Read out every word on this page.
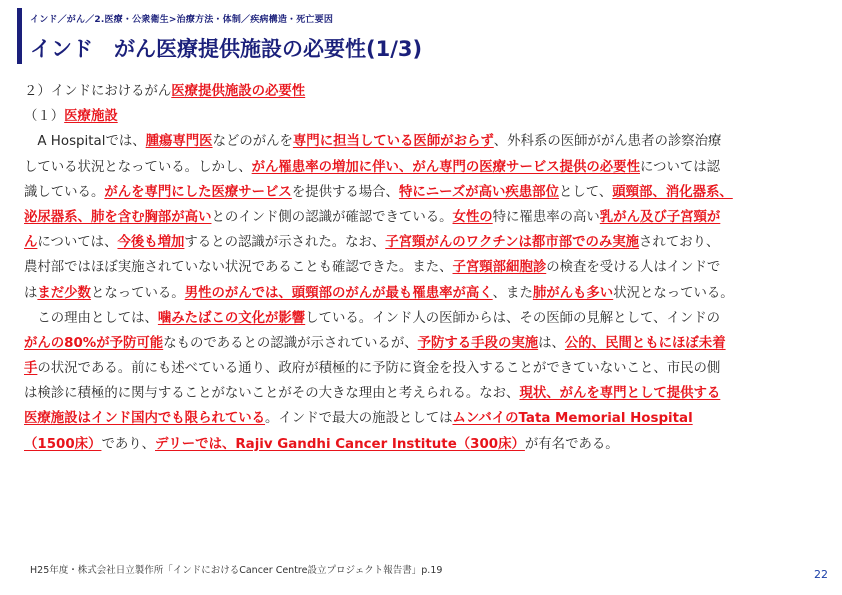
インド／がん／2.医療・公衆衛生>治療方法・体制／疾病構造・死亡要因
インド　がん医療提供施設の必要性(1/3)
２）インドにおけるがん医療提供施設の必要性
（１）医療施設
　A Hospitalでは、腫瘍専門医などのがんを専門に担当している医師がおらず、外科系の医師ががん患者の診察治療
している状況となっている。しかし、がん罹患率の増加に伴い、がん専門の医療サービス提供の必要性については認
識している。がんを専門にした医療サービスを提供する場合、特にニーズが高い疾患部位として、頭頸部、消化器系、
泌尿器系、肺を含む胸部が高いとのインド側の認識が確認できている。女性の特に罹患率の高い乳がん及び子宮頸が
んについては、今後も増加するとの認識が示された。なお、子宮頸がんのワクチンは都市部でのみ実施されており、
農村部ではほぼ実施されていない状況であることも確認できた。また、子宮頸部細胞診の検査を受ける人はインドで
はまだ少数となっている。男性のがんでは、頭頸部のがんが最も罹患率が高く、また肺がんも多い状況となっている。
　この理由としては、噛みたばこの文化が影響している。インド人の医師からは、その医師の見解として、インドの
がんの80%が予防可能なものであるとの認識が示されているが、予防する手段の実施は、公的、民間ともにほぼ未着
手の状況である。前にも述べている通り、政府が積極的に予防に資金を投入することができていないこと、市民の側
は検診に積極的に関与することがないことがその大きな理由と考えられる。なお、現状、がんを専門として提供する
医療施設はインド国内でも限られている。インドで最大の施設としてはムンバイのTata Memorial Hospital
（1500床）であり、デリーでは、Rajiv Gandhi Cancer Institute（300床）が有名である。
H25年度・株式会社日立製作所「インドにおけるCancer Centre設立プロジェクト報告書」p.19	22
